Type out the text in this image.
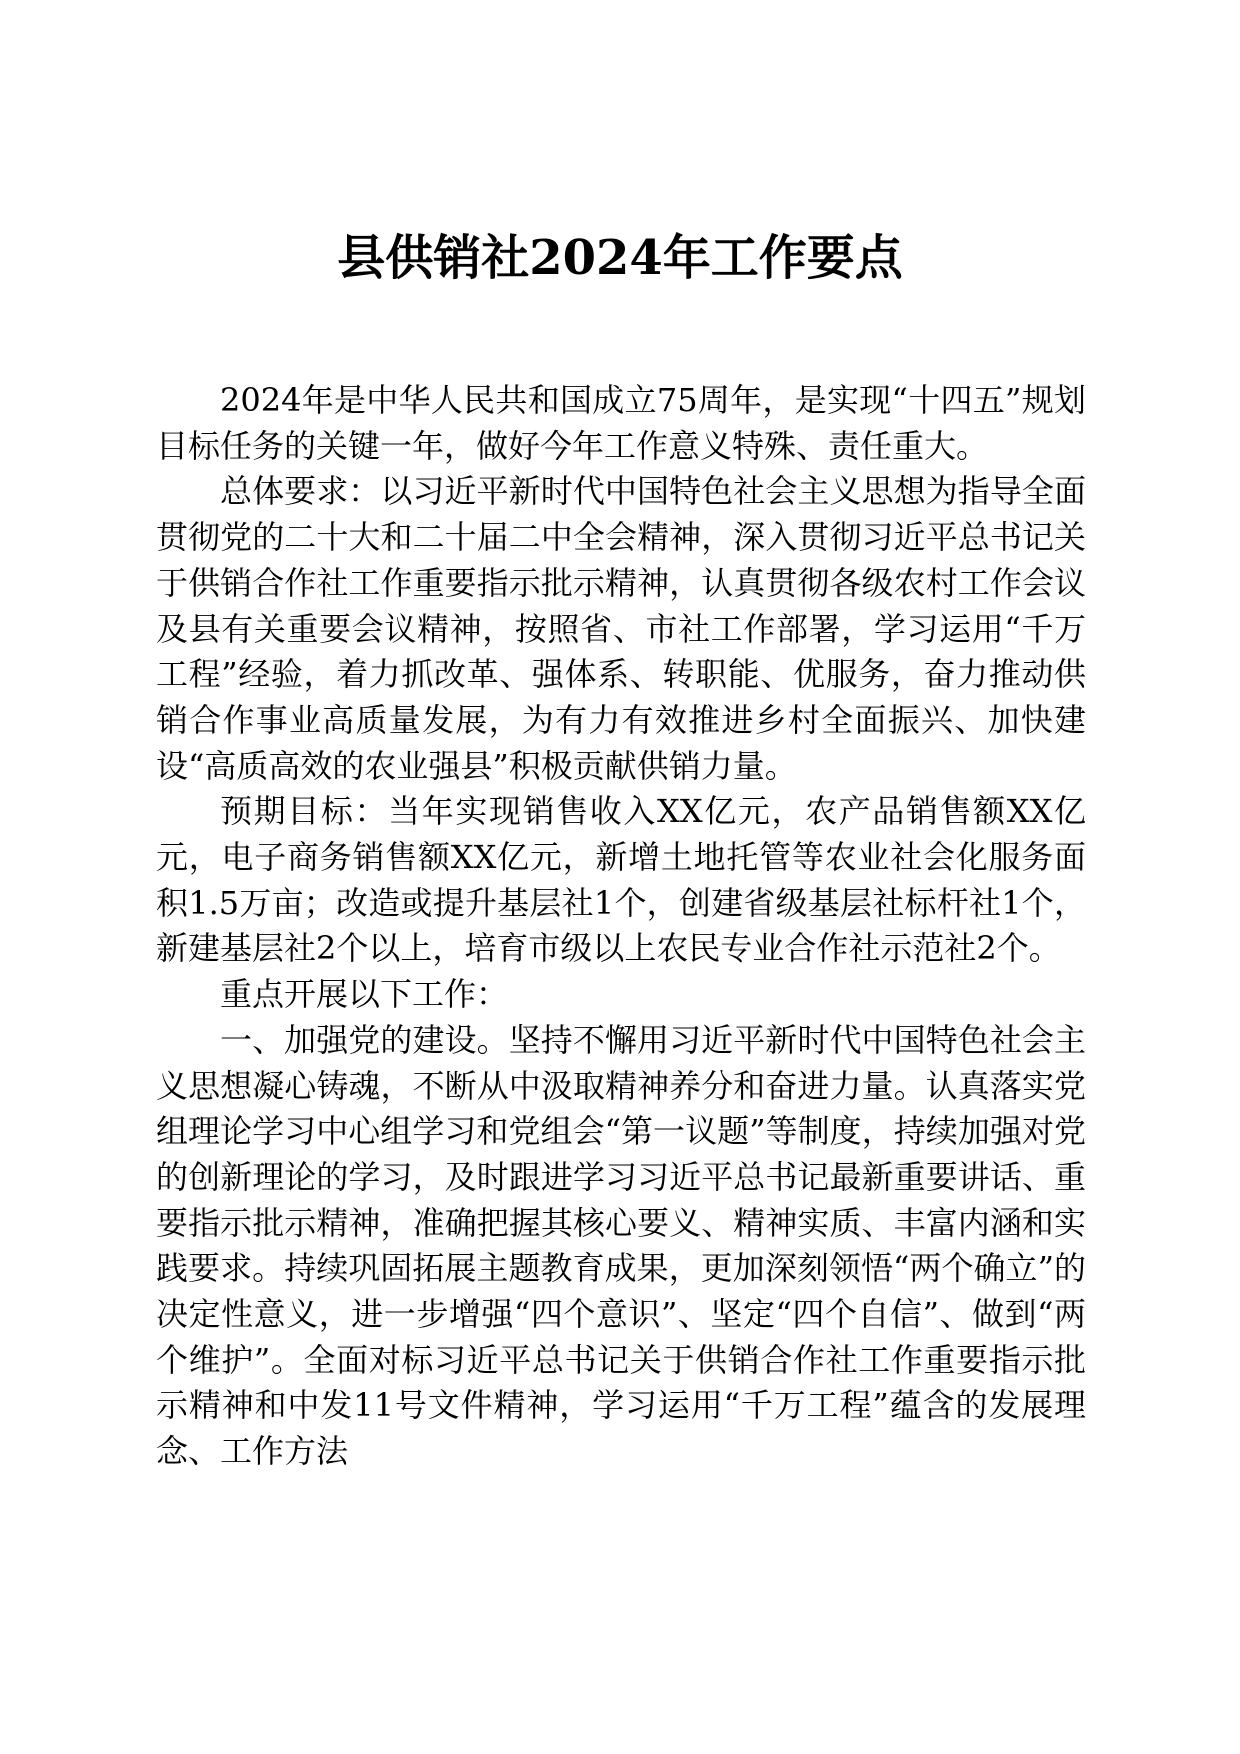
县供销社2024年工作要点

2024年是中华人民共和国成立75周年，是实现“十四五”规划目标任务的关键一年，做好今年工作意义特殊、责任重大。

总体要求：以习近平新时代中国特色社会主义思想为指导全面贯彻党的二十大和二十届二中全会精神，深入贯彻习近平总书记关于供销合作社工作重要指示批示精神，认真贯彻各级农村工作会议及县有关重要会议精神，按照省、市社工作部署，学习运用“千万工程”经验，着力抓改革、强体系、转职能、优服务，奋力推动供销合作事业高质量发展，为有力有效推进乡村全面振兴、加快建设“高质高效的农业强县”积极贡献供销力量。

预期目标：当年实现销售收入XX亿元，农产品销售额XX亿元，电子商务销售额XX亿元，新增土地托管等农业社会化服务面积1.5万亩；改造或提升基层社1个，创建省级基层社标杆社1个，新建基层社2个以上，培育市级以上农民专业合作社示范社2个。

重点开展以下工作：

一、加强党的建设。坚持不懈用习近平新时代中国特色社会主义思想凝心铸魂，不断从中汲取精神养分和奋进力量。认真落实党组理论学习中心组学习和党组会“第一议题”等制度，持续加强对党的创新理论的学习，及时跟进学习习近平总书记最新重要讲话、重要指示批示精神，准确把握其核心要义、精神实质、丰富内涵和实践要求。持续巩固拓展主题教育成果，更加深刻领悟“两个确立”的决定性意义，进一步增强“四个意识”、坚定“四个自信”、做到“两个维护”。全面对标习近平总书记关于供销合作社工作重要指示批示精神和中发11号文件精神，学习运用“千万工程”蕴含的发展理念、工作方法
